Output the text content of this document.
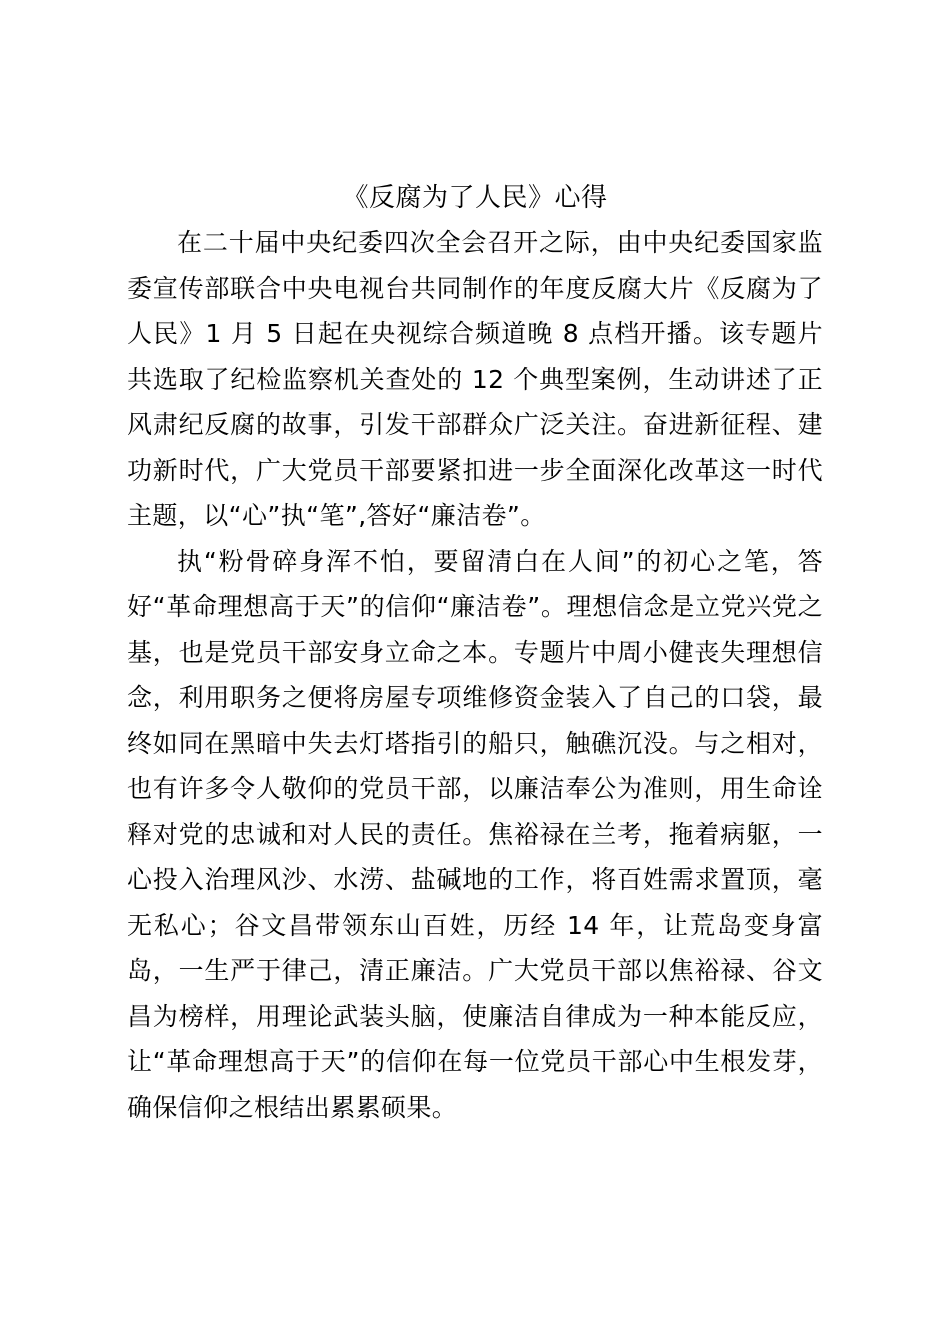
《反腐为了人民》心得

在二十届中央纪委四次全会召开之际，由中央纪委国家监委宣传部联合中央电视台共同制作的年度反腐大片《反腐为了人民》1 月 5 日起在央视综合频道晚 8 点档开播。该专题片共选取了纪检监察机关查处的 12 个典型案例，生动讲述了正风肃纪反腐的故事，引发干部群众广泛关注。奋进新征程、建功新时代，广大党员干部要紧扣进一步全面深化改革这一时代主题，以“心”执“笔”,答好“廉洁卷”。

执“粉骨碎身浑不怕，要留清白在人间”的初心之笔，答好“革命理想高于天”的信仰“廉洁卷”。理想信念是立党兴党之基，也是党员干部安身立命之本。专题片中周小健丧失理想信念，利用职务之便将房屋专项维修资金装入了自己的口袋，最终如同在黑暗中失去灯塔指引的船只，触礁沉没。与之相对，也有许多令人敬仰的党员干部，以廉洁奉公为准则，用生命诠释对党的忠诚和对人民的责任。焦裕禄在兰考，拖着病躯，一心投入治理风沙、水涝、盐碱地的工作，将百姓需求置顶，毫无私心；谷文昌带领东山百姓，历经 14 年，让荒岛变身富岛，一生严于律己，清正廉洁。广大党员干部以焦裕禄、谷文昌为榜样，用理论武装头脑，使廉洁自律成为一种本能反应，让“革命理想高于天”的信仰在每一位党员干部心中生根发芽，确保信仰之根结出累累硕果。
